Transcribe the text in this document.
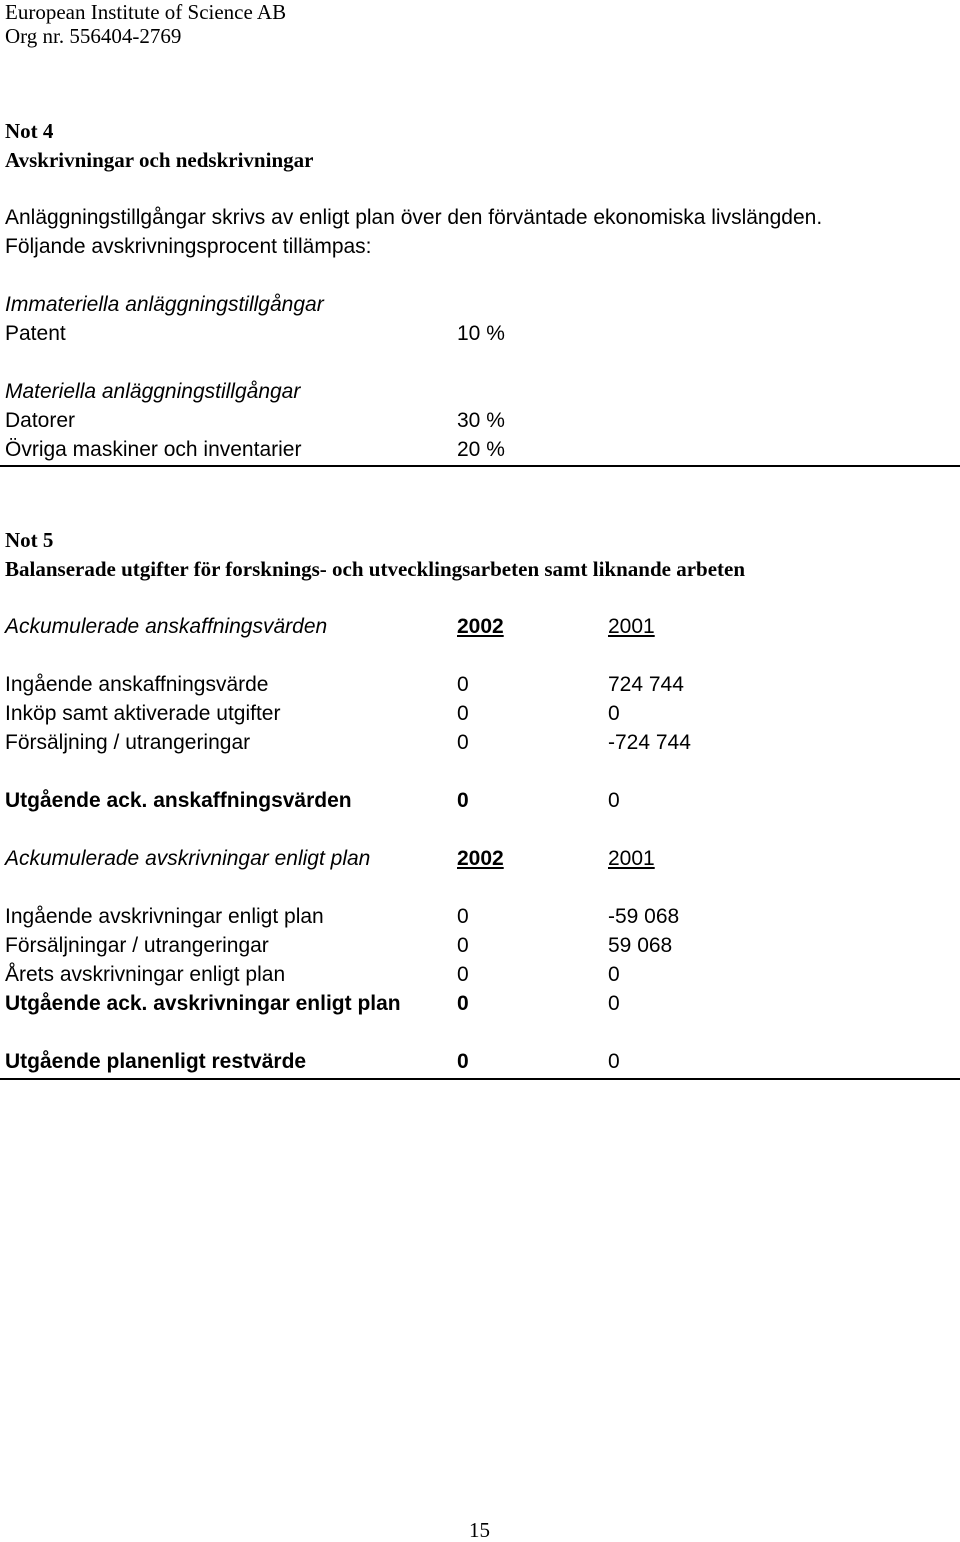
European Institute of Science AB
Org nr. 556404-2769
Not 4
Avskrivningar och nedskrivningar
Anläggningstillgångar skrivs av enligt plan över den förväntade ekonomiska livslängden.
Följande avskrivningsprocent tillämpas:
Immateriella anläggningstillgångar
Patent	10 %
Materiella anläggningstillgångar
Datorer	30 %
Övriga maskiner och inventarier	20 %
Not 5
Balanserade utgifter för forsknings- och utvecklingsarbeten samt liknande arbeten
Ackumulerade anskaffningsvärden	2002	2001
Ingående anskaffningsvärde	0	724 744
Inköp samt aktiverade utgifter	0	0
Försäljning / utrangeringar	0	-724 744
Utgående ack. anskaffningsvärden	0	0
Ackumulerade avskrivningar enligt plan	2002	2001
Ingående avskrivningar enligt plan	0	-59 068
Försäljningar / utrangeringar	0	59 068
Årets avskrivningar enligt plan	0	0
Utgående ack. avskrivningar enligt plan	0	0
Utgående planenligt restvärde	0	0
15
